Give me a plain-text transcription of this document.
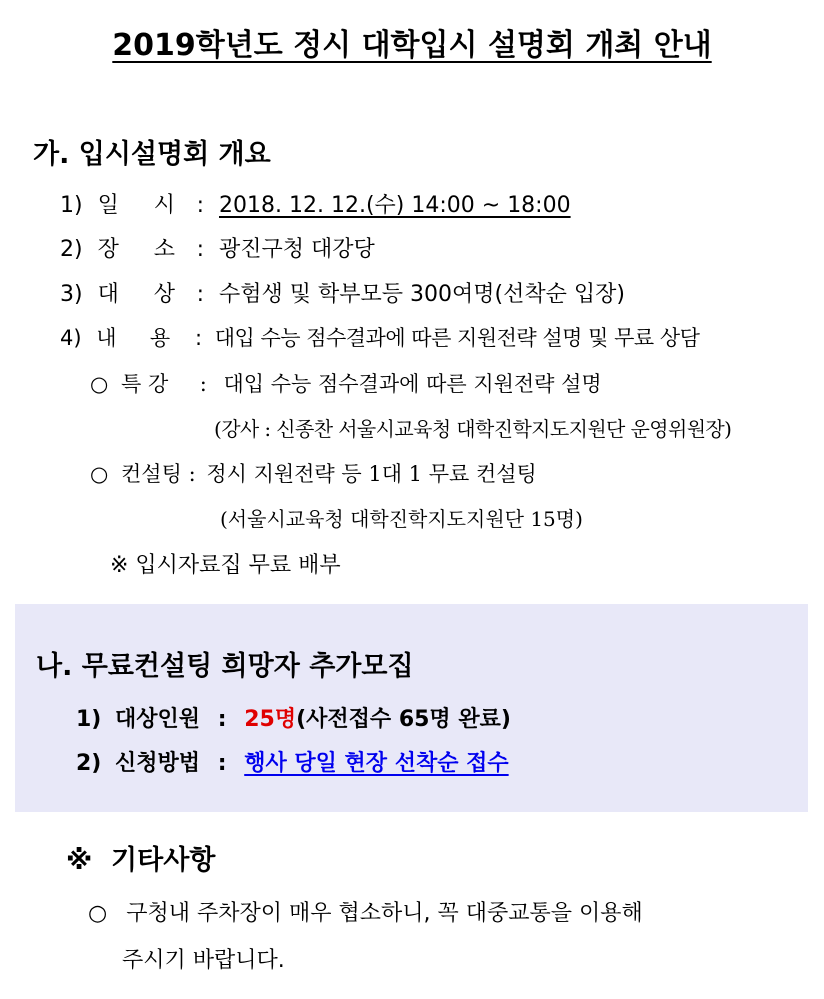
2019학년도 정시 대학입시 설명회 개최 안내
가. 입시설명회 개요
1) 일     시 : 2018. 12. 12.(수) 14:00 ~ 18:00
2) 장     소 : 광진구청 대강당
3) 대     상 : 수험생 및 학부모등 300여명(선착순 입장)
4) 내     용 : 대입 수능 점수결과에 따른 지원전략 설명 및 무료 상담
○ 특 강 : 대입 수능 점수결과에 따른 지원전략 설명
(강사 : 신종찬 서울시교육청 대학진학지도지원단 운영위원장)
○ 컨설팅 : 정시 지원전략 등 1대 1 무료 컨설팅
(서울시교육청 대학진학지도지원단 15명)
※ 입시자료집 무료 배부
나. 무료컨설팅 희망자 추가모집
1) 대상인원 : 25명(사전접수 65명 완료)
2) 신청방법 : 행사 당일 현장 선착순 접수
※  기타사항
○ 구청내 주차장이 매우 협소하니, 꼭 대중교통을 이용해
주시기 바랍니다.
